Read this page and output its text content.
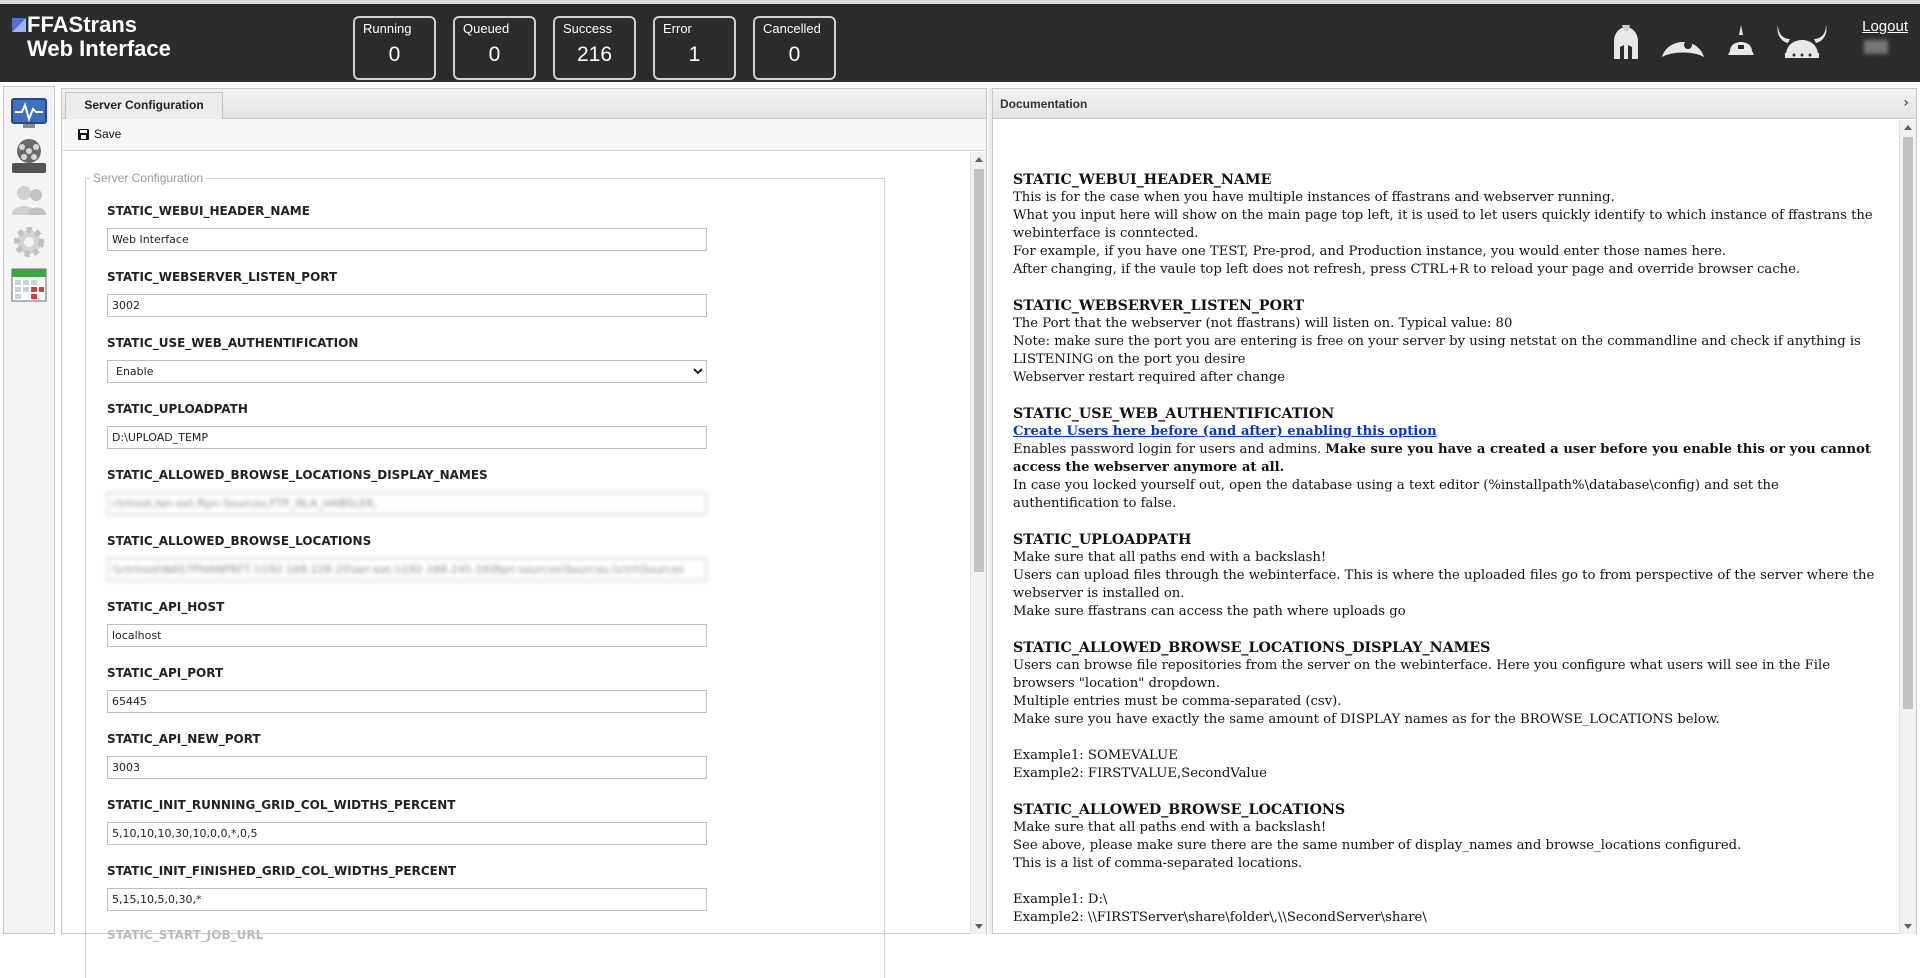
FFAStrans
Web Interface
Running
0
Queued
0
Success
216
Error
1
Cancelled
0
Logout
Server Configuration
Save
Server Configuration
STATIC_WEBUI_HEADER_NAME
Web Interface
STATIC_WEBSERVER_LISTEN_PORT
3002
STATIC_USE_WEB_AUTHENTIFICATION
Enable
STATIC_UPLOADPATH
D:\UPLOAD_TEMP
STATIC_ALLOWED_BROWSE_LOCATIONS_DISPLAY_NAMES
ctrlroot,lan-ext,ftpn-Sources,FTP_IN,A_HABSLER,
STATIC_ALLOWED_BROWSE_LOCATIONS
\\ctrlroot\NAS7PHANPRFT,\\192.168.228.20\lan-ext,\\192.168.245.16\ftpn-sources\Sources,\\ctrl\Sources
STATIC_API_HOST
localhost
STATIC_API_PORT
65445
STATIC_API_NEW_PORT
3003
STATIC_INIT_RUNNING_GRID_COL_WIDTHS_PERCENT
5,10,10,10,30,10,0,0,*,0,5
STATIC_INIT_FINISHED_GRID_COL_WIDTHS_PERCENT
5,15,10,5,0,30,*
STATIC_START_JOB_URL
Documentation	›
STATIC_WEBUI_HEADER_NAME

This is for the case when you have multiple instances of ffastrans and webserver running.

What you input here will show on the main page top left, it is used to let users quickly identify to which instance of ffastrans the webinterface is conntected.

For example, if you have one TEST, Pre-prod, and Production instance, you would enter those names here.

After changing, if the vaule top left does not refresh, press CTRL+R to reload your page and override browser cache.

STATIC_WEBSERVER_LISTEN_PORT

The Port that the webserver (not ffastrans) will listen on. Typical value: 80

Note: make sure the port you are entering is free on your server by using netstat on the commandline and check if anything is LISTENING on the port you desire

Webserver restart required after change

STATIC_USE_WEB_AUTHENTIFICATION

Create Users here before (and after) enabling this option

Enables password login for users and admins. Make sure you have a created a user before you enable this or you cannot access the webserver anymore at all.

In case you locked yourself out, open the database using a text editor (%installpath%\database\config) and set the authentification to false.

STATIC_UPLOADPATH

Make sure that all paths end with a backslash!

Users can upload files through the webinterface. This is where the uploaded files go to from perspective of the server where the webserver is installed on.

Make sure ffastrans can access the path where uploads go

STATIC_ALLOWED_BROWSE_LOCATIONS_DISPLAY_NAMES

Users can browse file repositories from the server on the webinterface. Here you configure what users will see in the File browsers "location" dropdown.

Multiple entries must be comma-separated (csv).

Make sure you have exactly the same amount of DISPLAY names as for the BROWSE_LOCATIONS below.

Example1: SOMEVALUE

Example2: FIRSTVALUE,SecondValue

STATIC_ALLOWED_BROWSE_LOCATIONS

Make sure that all paths end with a backslash!

See above, please make sure there are the same number of display_names and browse_locations configured.

This is a list of comma-separated locations.

Example1: D:\

Example2: \\FIRSTServer\share\folder\,\\SecondServer\share\
